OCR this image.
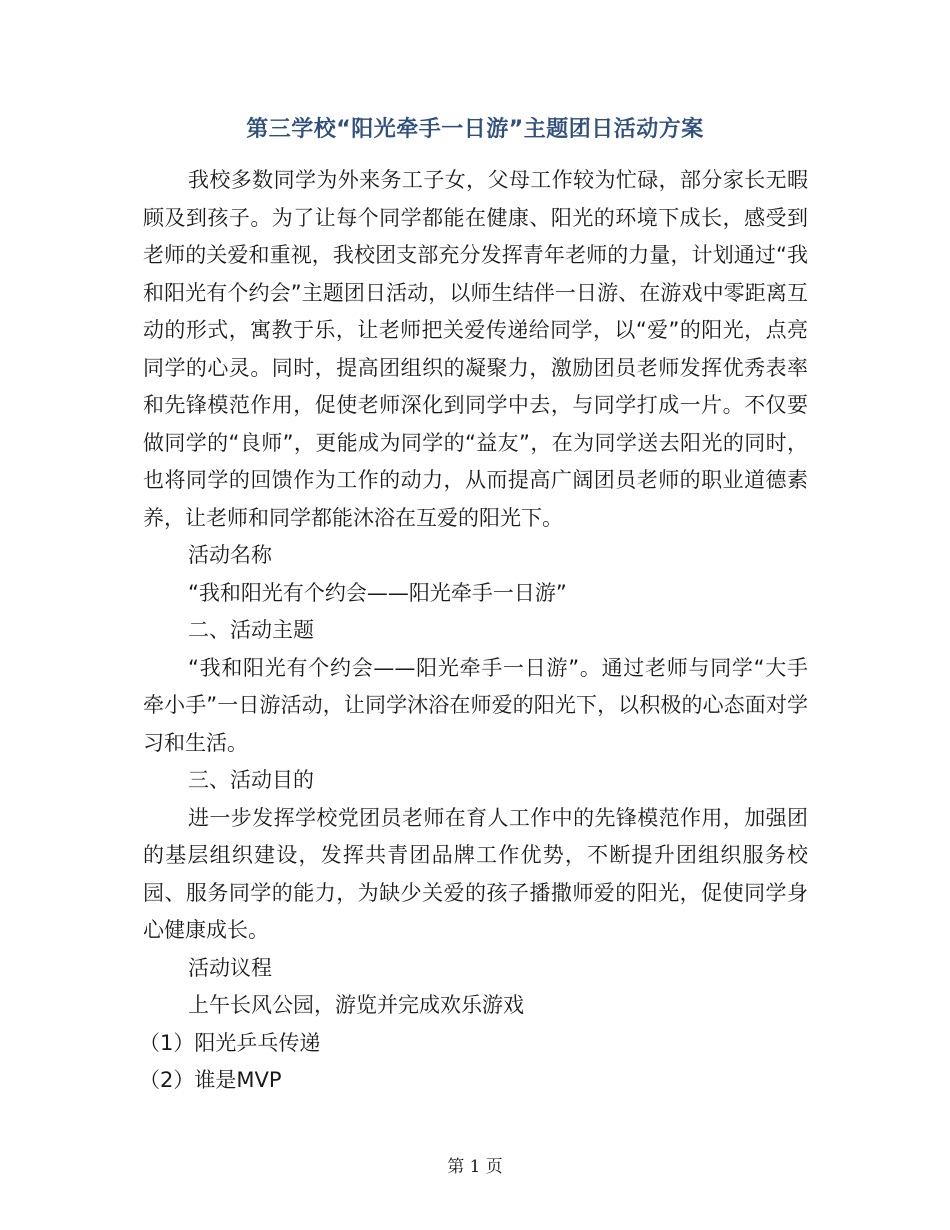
第三学校“阳光牵手一日游”主题团日活动方案

我校多数同学为外来务工子女，父母工作较为忙碌，部分家长无暇顾及到孩子。为了让每个同学都能在健康、阳光的环境下成长，感受到老师的关爱和重视，我校团支部充分发挥青年老师的力量，计划通过“我和阳光有个约会”主题团日活动，以师生结伴一日游、在游戏中零距离互动的形式，寓教于乐，让老师把关爱传递给同学，以“爱”的阳光，点亮同学的心灵。同时，提高团组织的凝聚力，激励团员老师发挥优秀表率和先锋模范作用，促使老师深化到同学中去，与同学打成一片。不仅要做同学的“良师”，更能成为同学的“益友”，在为同学送去阳光的同时，也将同学的回馈作为工作的动力，从而提高广阔团员老师的职业道德素养，让老师和同学都能沐浴在互爱的阳光下。

活动名称

“我和阳光有个约会——阳光牵手一日游”

二、活动主题

“我和阳光有个约会——阳光牵手一日游”。通过老师与同学“大手牵小手”一日游活动，让同学沐浴在师爱的阳光下，以积极的心态面对学习和生活。

三、活动目的

进一步发挥学校党团员老师在育人工作中的先锋模范作用，加强团的基层组织建设，发挥共青团品牌工作优势，不断提升团组织服务校园、服务同学的能力，为缺少关爱的孩子播撒师爱的阳光，促使同学身心健康成长。

活动议程

上午长风公园，游览并完成欢乐游戏

（1）阳光乒乓传递

（2）谁是MVP

第 1 页
